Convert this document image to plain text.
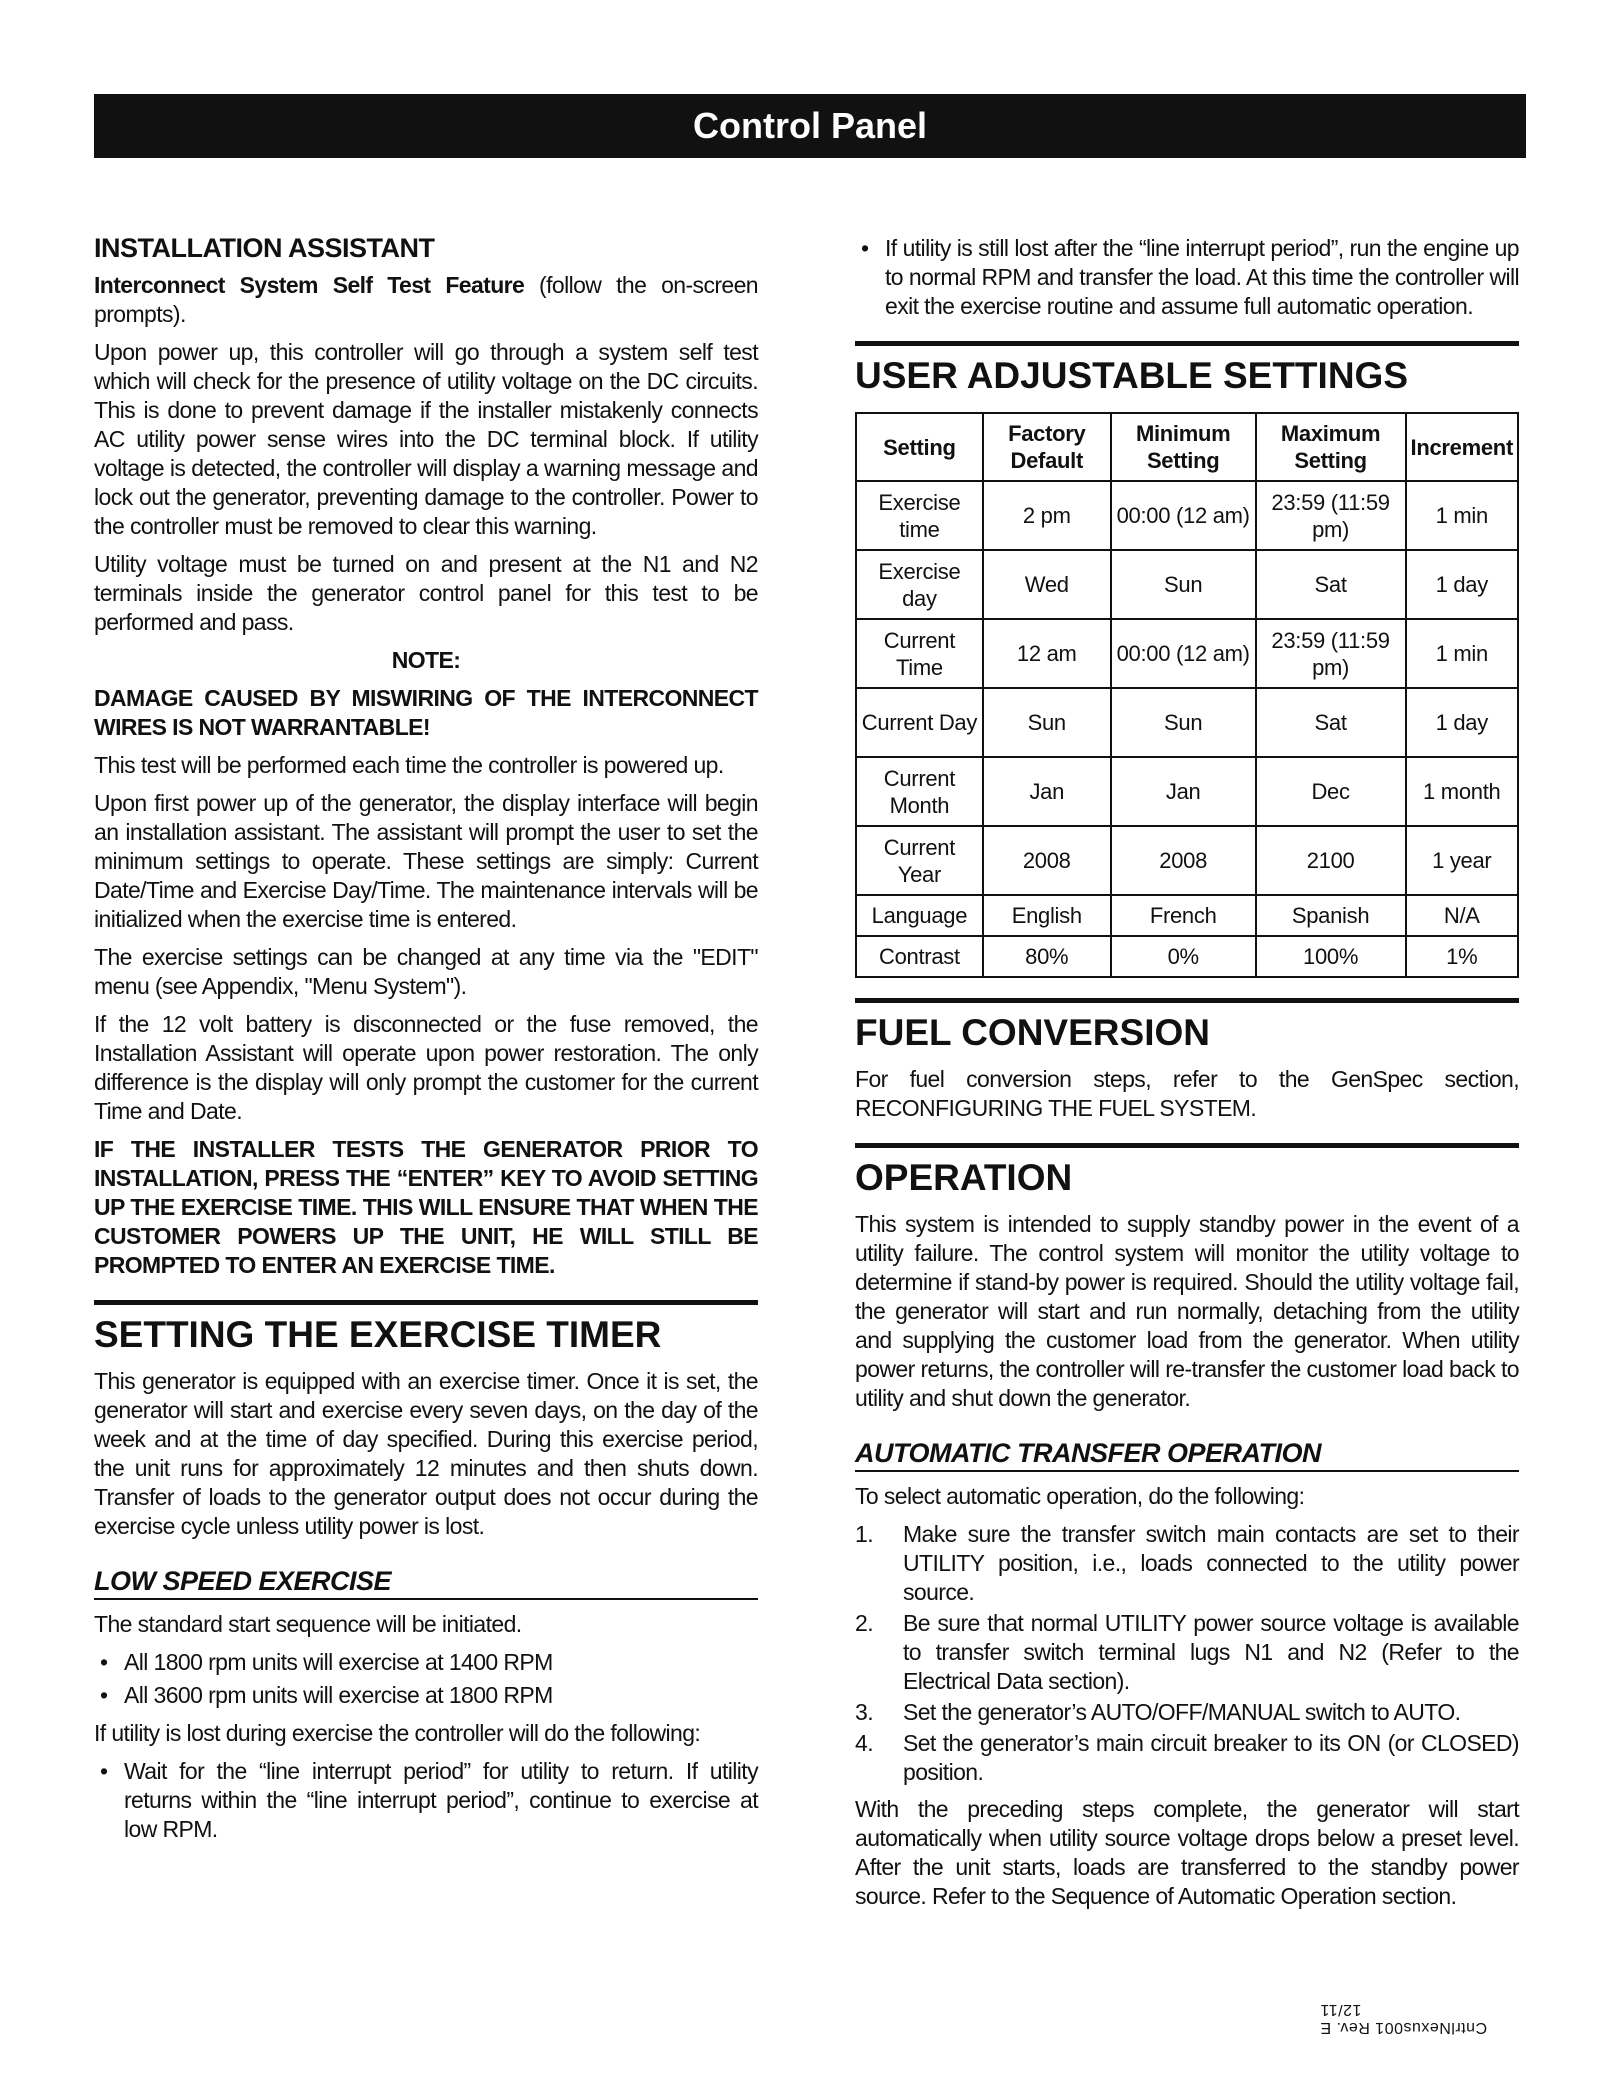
Control Panel
INSTALLATION ASSISTANT

Interconnect System Self Test Feature (follow the on-screen prompts).

Upon power up, this controller will go through a system self test which will check for the presence of utility voltage on the DC circuits. This is done to prevent damage if the installer mistakenly connects AC utility power sense wires into the DC terminal block. If utility voltage is detected, the controller will display a warning message and lock out the generator, preventing damage to the controller. Power to the controller must be removed to clear this warning.

Utility voltage must be turned on and present at the N1 and N2 terminals inside the generator control panel for this test to be performed and pass.

NOTE:

DAMAGE CAUSED BY MISWIRING OF THE INTERCONNECT WIRES IS NOT WARRANTABLE!

This test will be performed each time the controller is powered up.

Upon first power up of the generator, the display interface will begin an installation assistant. The assistant will prompt the user to set the minimum settings to operate. These settings are simply: Current Date/Time and Exercise Day/Time. The maintenance intervals will be initialized when the exercise time is entered.

The exercise settings can be changed at any time via the "EDIT" menu (see Appendix, "Menu System").

If the 12 volt battery is disconnected or the fuse removed, the Installation Assistant will operate upon power restoration. The only difference is the display will only prompt the customer for the current Time and Date.

IF THE INSTALLER TESTS THE GENERATOR PRIOR TO INSTALLATION, PRESS THE “ENTER” KEY TO AVOID SETTING UP THE EXERCISE TIME. THIS WILL ENSURE THAT WHEN THE CUSTOMER POWERS UP THE UNIT, HE WILL STILL BE PROMPTED TO ENTER AN EXERCISE TIME.

SETTING THE EXERCISE TIMER

This generator is equipped with an exercise timer. Once it is set, the generator will start and exercise every seven days, on the day of the week and at the time of day specified. During this exercise period, the unit runs for approximately 12 minutes and then shuts down. Transfer of loads to the generator output does not occur during the exercise cycle unless utility power is lost.

LOW SPEED EXERCISE

The standard start sequence will be initiated.

• All 1800 rpm units will exercise at 1400 RPM
• All 3600 rpm units will exercise at 1800 RPM

If utility is lost during exercise the controller will do the following:

• Wait for the “line interrupt period” for utility to return. If utility returns within the “line interrupt period”, continue to exercise at low RPM.
• If utility is still lost after the “line interrupt period”, run the engine up to normal RPM and transfer the load. At this time the controller will exit the exercise routine and assume full automatic operation.
USER ADJUSTABLE SETTINGS
Setting	Factory Default	Minimum Setting	Maximum Setting	Increment
Exercise time	2 pm	00:00 (12 am)	23:59 (11:59 pm)	1 min
Exercise day	Wed	Sun	Sat	1 day
Current Time	12 am	00:00 (12 am)	23:59 (11:59 pm)	1 min
Current Day	Sun	Sun	Sat	1 day
Current Month	Jan	Jan	Dec	1 month
Current Year	2008	2008	2100	1 year
Language	English	French	Spanish	N/A
Contrast	80%	0%	100%	1%
FUEL CONVERSION

For fuel conversion steps, refer to the GenSpec section, RECONFIGURING THE FUEL SYSTEM.

OPERATION

This system is intended to supply standby power in the event of a utility failure. The control system will monitor the utility voltage to determine if stand-by power is required. Should the utility voltage fail, the generator will start and run normally, detaching from the utility and supplying the customer load from the generator. When utility power returns, the controller will re-transfer the customer load back to utility and shut down the generator.

AUTOMATIC TRANSFER OPERATION

To select automatic operation, do the following:

1. Make sure the transfer switch main contacts are set to their UTILITY position, i.e., loads connected to the utility power source.
2. Be sure that normal UTILITY power source voltage is available to transfer switch terminal lugs N1 and N2 (Refer to the Electrical Data section).
3. Set the generator’s AUTO/OFF/MANUAL switch to AUTO.
4. Set the generator’s main circuit breaker to its ON (or CLOSED) position.

With the preceding steps complete, the generator will start automatically when utility source voltage drops below a preset level. After the unit starts, loads are transferred to the standby power source. Refer to the Sequence of Automatic Operation section.

CntrlNexus001 Rev. E 12/11
